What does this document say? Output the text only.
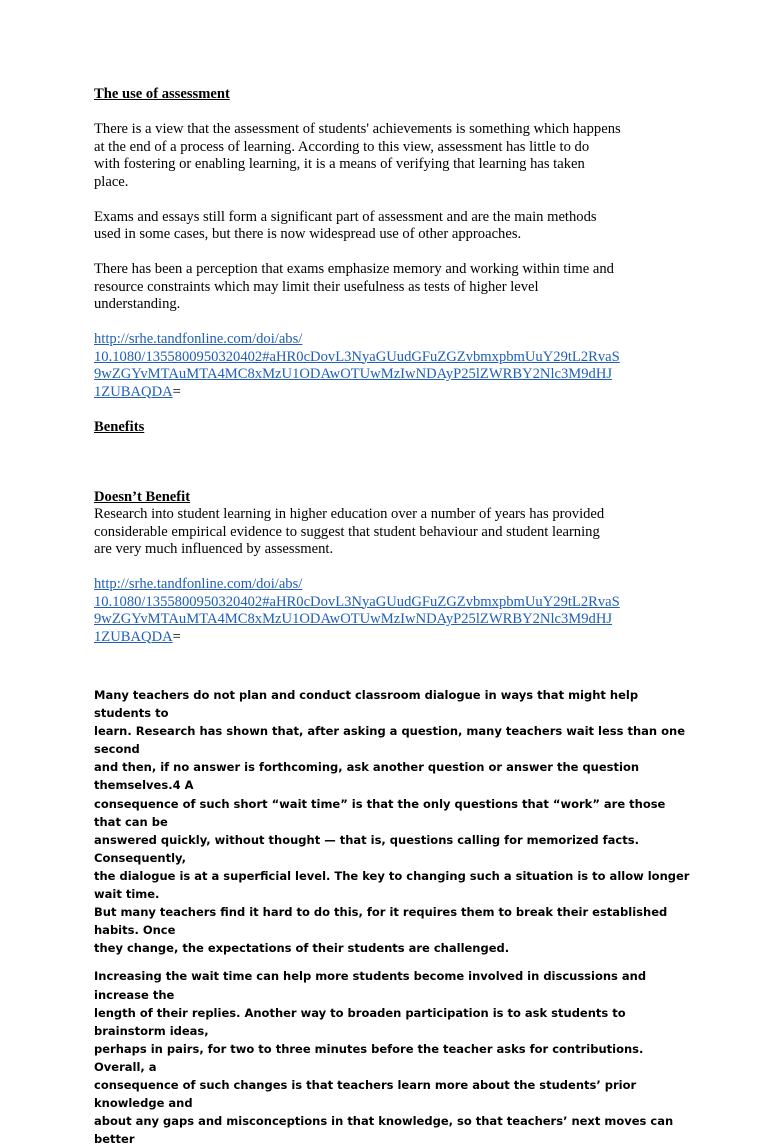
The use of assessment
There is a view that the assessment of students' achievements is something which happens
at the end of a process of learning. According to this view, assessment has little to do
with fostering or enabling learning, it is a means of verifying that learning has taken
place.
Exams and essays still form a significant part of assessment and are the main methods
used in some cases, but there is now widespread use of other approaches.
There has been a perception that exams emphasize memory and working within time and
resource constraints which may limit their usefulness as tests of higher level
understanding.
http://srhe.tandfonline.com/doi/abs/
10.1080/13558009503204​02#aHR0cDovL3NyaGUudGFuZGZvbmxpbmUuY29tL2RvaS
9wZGYvMTAuMTA4MC8xMzU1ODAwOTUwMzIwNDAyP25lZWRBY2Nlc3M9dHJ
1ZUBAQDA=
Benefits
Doesn’t Benefit
Research into student learning in higher education over a number of years has provided
considerable empirical evidence to suggest that student behaviour and student learning
are very much influenced by assessment.
http://srhe.tandfonline.com/doi/abs/
10.1080/13558009503204​02#aHR0cDovL3NyaGUudGFuZGZvbmxpbmUuY29tL2RvaS
9wZGYvMTAuMTA4MC8xMzU1ODAwOTUwMzIwNDAyP25lZWRBY2Nlc3M9dHJ
1ZUBAQDA=
Many teachers do not plan and conduct classroom dialogue in ways that might help students to
learn. Research has shown that, after asking a question, many teachers wait less than one second
and then, if no answer is forthcoming, ask another question or answer the question themselves.4 A
consequence of such short “wait time” is that the only questions that “work” are those that can be
answered quickly, without thought — that is, questions calling for memorized facts. Consequently,
the dialogue is at a superficial level. The key to changing such a situation is to allow longer wait time.
But many teachers find it hard to do this, for it requires them to break their established habits. Once
they change, the expectations of their students are challenged.
Increasing the wait time can help more students become involved in discussions and increase the
length of their replies. Another way to broaden participation is to ask students to brainstorm ideas,
perhaps in pairs, for two to three minutes before the teacher asks for contributions. Overall, a
consequence of such changes is that teachers learn more about the students’ prior knowledge and
about any gaps and misconceptions in that knowledge, so that teachers’ next moves can better
